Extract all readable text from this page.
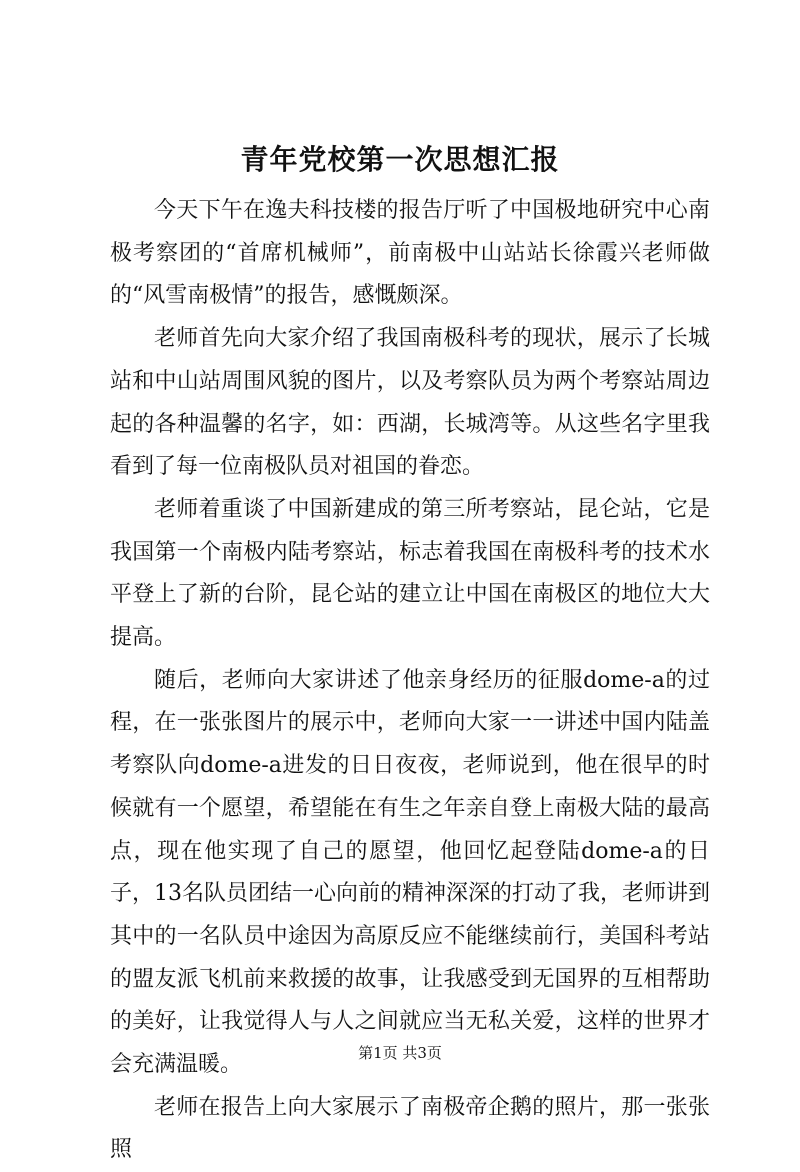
青年党校第一次思想汇报

今天下午在逸夫科技楼的报告厅听了中国极地研究中心南极考察团的“首席机械师”，前南极中山站站长徐霞兴老师做的“风雪南极情”的报告，感慨颇深。

老师首先向大家介绍了我国南极科考的现状，展示了长城站和中山站周围风貌的图片，以及考察队员为两个考察站周边起的各种温馨的名字，如：西湖，长城湾等。从这些名字里我看到了每一位南极队员对祖国的眷恋。

老师着重谈了中国新建成的第三所考察站，昆仑站，它是我国第一个南极内陆考察站，标志着我国在南极科考的技术水平登上了新的台阶，昆仑站的建立让中国在南极区的地位大大提高。

随后，老师向大家讲述了他亲身经历的征服dome-a的过程，在一张张图片的展示中，老师向大家一一讲述中国内陆盖考察队向dome-a进发的日日夜夜，老师说到，他在很早的时候就有一个愿望，希望能在有生之年亲自登上南极大陆的最高点，现在他实现了自己的愿望，他回忆起登陆dome-a的日子，13名队员团结一心向前的精神深深的打动了我，老师讲到其中的一名队员中途因为高原反应不能继续前行，美国科考站的盟友派飞机前来救援的故事，让我感受到无国界的互相帮助的美好，让我觉得人与人之间就应当无私关爱，这样的世界才会充满温暖。

老师在报告上向大家展示了南极帝企鹅的照片，那一张张照

第1页 共3页
